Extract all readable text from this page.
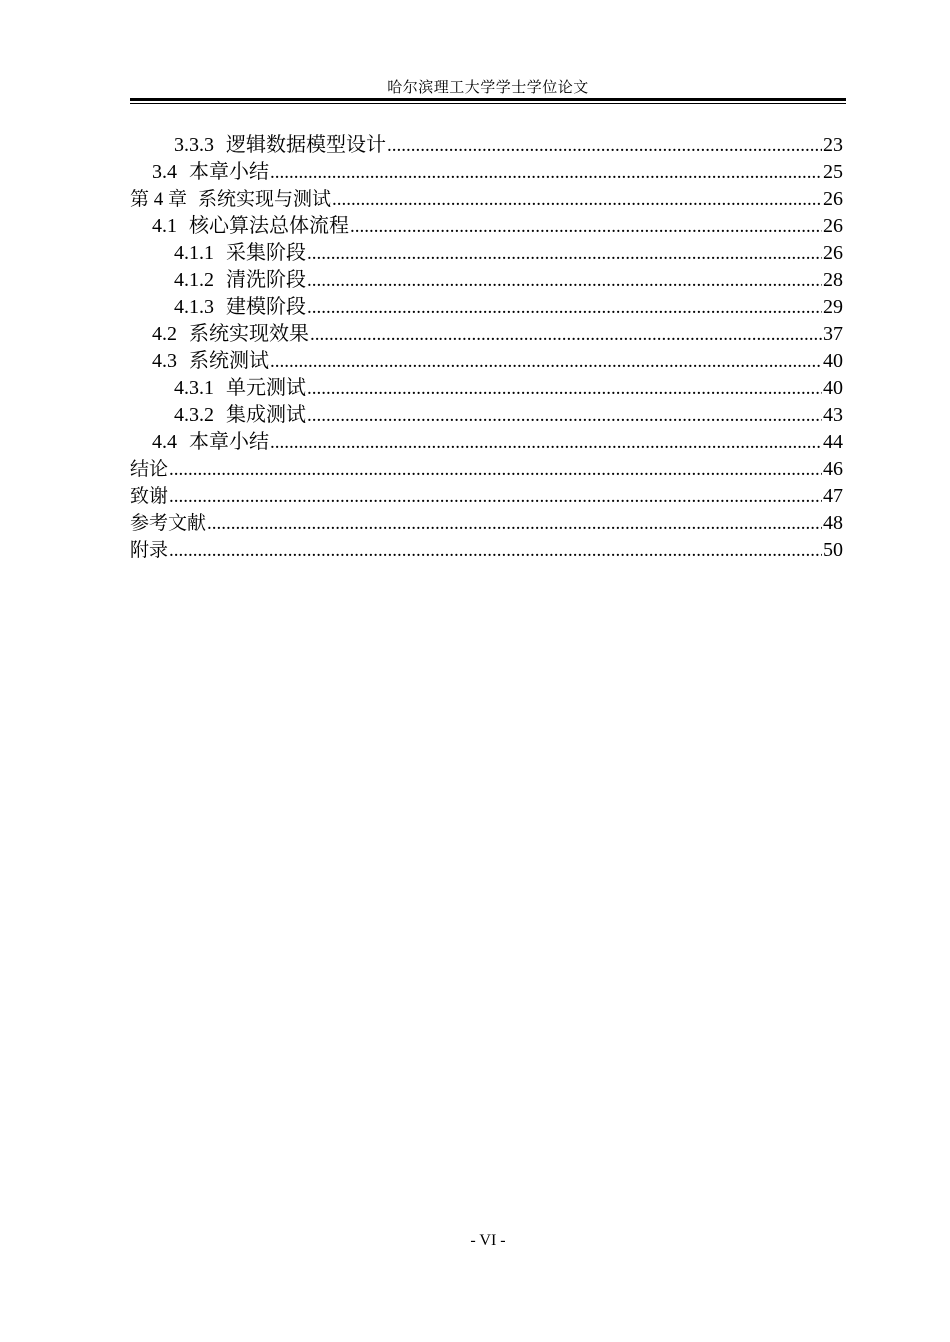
哈尔滨理工大学学士学位论文
3.3.3 逻辑数据模型设计 .....	23
3.4 本章小结 .....	25
第 4 章 系统实现与测试 .....	26
4.1 核心算法总体流程 .....	26
4.1.1 采集阶段 .....	26
4.1.2 清洗阶段 .....	28
4.1.3 建模阶段 .....	29
4.2 系统实现效果 .....	37
4.3 系统测试 .....	40
4.3.1 单元测试 .....	40
4.3.2 集成测试 .....	43
4.4 本章小结 .....	44
结论 .....	46
致谢 .....	47
参考文献 .....	48
附录 .....	50
- VI -
